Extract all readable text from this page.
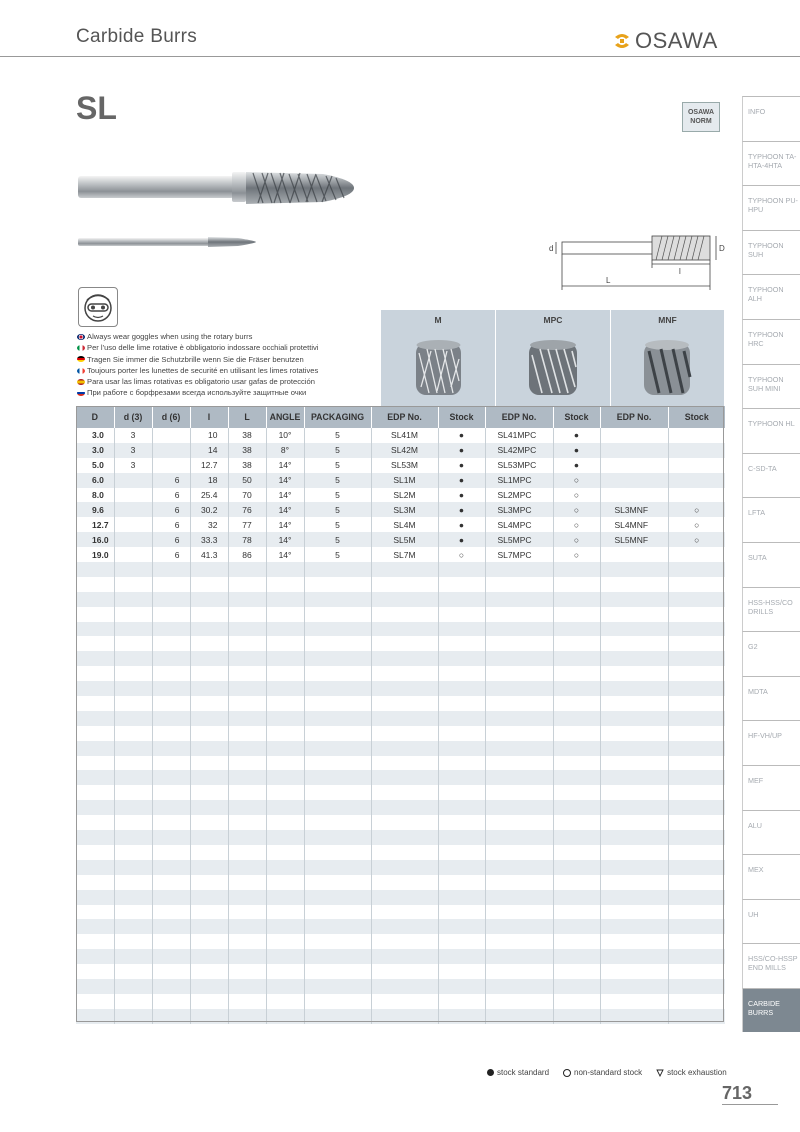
Carbide Burrs	OSAWA
SL	OSAWA
NORM
d	D
l
L
Always wear goggles when using the rotary burrs
Per l'uso delle lime rotative è obbligatorio indossare occhiali protettivi
Tragen Sie immer die Schutzbrille wenn Sie die Fräser benutzen
Toujours porter les lunettes de securité en utilisant les limes rotatives
Para usar las limas rotativas es obligatorio usar gafas de protección
При работе с борфрезами всегда используйте защитные очки
M	MPC	MNF
D	d (3)	d (6)	l	L	ANGLE	PACKAGING	EDP No.	Stock	EDP No.	Stock	EDP No.	Stock
3.0	3		10	38	10°	5	SL41M	●	SL41MPC	●		
3.0	3		14	38	8°	5	SL42M	●	SL42MPC	●		
5.0	3		12.7	38	14°	5	SL53M	●	SL53MPC	●		
6.0		6	18	50	14°	5	SL1M	●	SL1MPC	○		
8.0		6	25.4	70	14°	5	SL2M	●	SL2MPC	○		
9.6		6	30.2	76	14°	5	SL3M	●	SL3MPC	○	SL3MNF	○
12.7		6	32	77	14°	5	SL4M	●	SL4MPC	○	SL4MNF	○
16.0		6	33.3	78	14°	5	SL5M	●	SL5MPC	○	SL5MNF	○
19.0		6	41.3	86	14°	5	SL7M	○	SL7MPC	○		

INFO
TYPHOON TA-HTA-4HTA
TYPHOON PU-HPU
TYPHOON SUH
TYPHOON ALH
TYPHOON HRC
TYPHOON SUH MINI
TYPHOON HL
C-SD-TA
LFTA
SUTA
HSS-HSS/CO DRILLS
G2
MDTA
HF-VH/UP
MEF
ALU
MEX
UH
HSS/CO-HSSP END MILLS
CARBIDE BURRS
stock standard	non-standard stock	stock exhaustion
713
